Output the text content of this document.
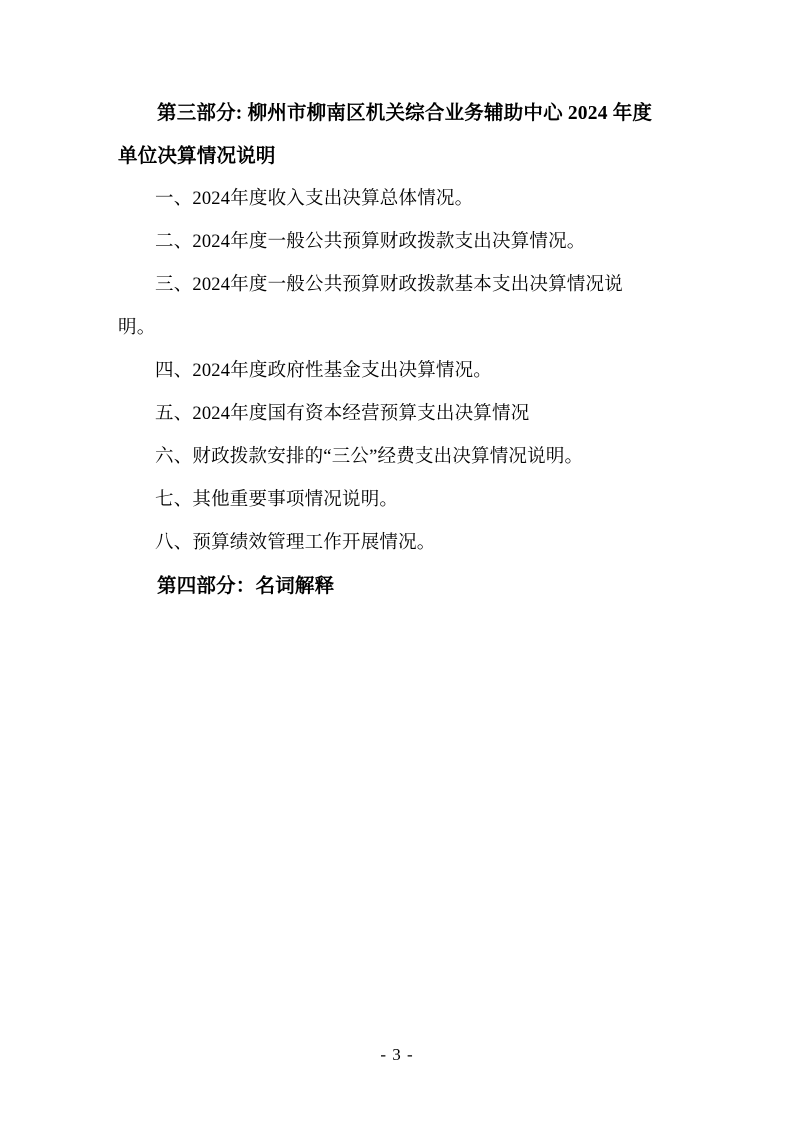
第三部分: 柳州市柳南区机关综合业务辅助中心 2024 年度

单位决算情况说明

一、2024年度收入支出决算总体情况。

二、2024年度一般公共预算财政拨款支出决算情况。

三、2024年度一般公共预算财政拨款基本支出决算情况说

明。

四、2024年度政府性基金支出决算情况。

五、2024年度国有资本经营预算支出决算情况

六、财政拨款安排的“三公”经费支出决算情况说明。

七、其他重要事项情况说明。

八、预算绩效管理工作开展情况。

第四部分：名词解释

- 3 -
